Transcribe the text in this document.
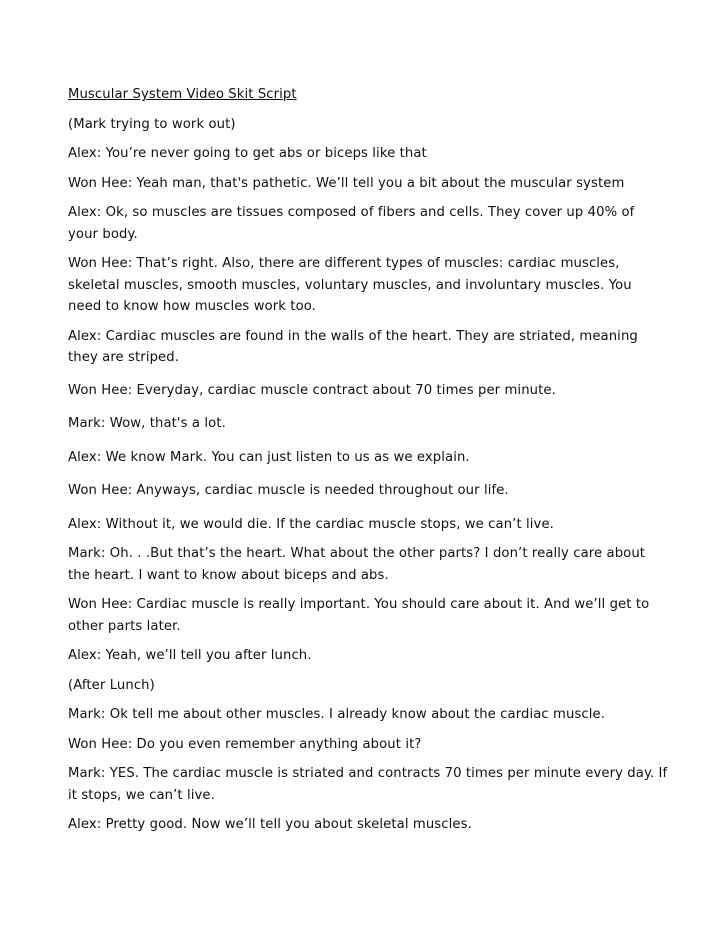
Muscular System Video Skit Script

(Mark trying to work out)

Alex: You’re never going to get abs or biceps like that

Won Hee: Yeah man, that's pathetic. We’ll tell you a bit about the muscular system

Alex: Ok, so muscles are tissues composed of fibers and cells. They cover up 40% of your body.

Won Hee: That’s right. Also, there are different types of muscles: cardiac muscles, skeletal muscles, smooth muscles, voluntary muscles, and involuntary muscles. You need to know how muscles work too.

Alex: Cardiac muscles are found in the walls of the heart. They are striated, meaning they are striped.

Won Hee: Everyday, cardiac muscle contract about 70 times per minute.

Mark: Wow, that's a lot.

Alex: We know Mark. You can just listen to us as we explain.

Won Hee: Anyways, cardiac muscle is needed throughout our life.

Alex: Without it, we would die. If the cardiac muscle stops, we can’t live.

Mark: Oh. . .But that’s the heart. What about the other parts? I don’t really care about the heart. I want to know about biceps and abs.

Won Hee: Cardiac muscle is really important. You should care about it. And we’ll get to other parts later.

Alex: Yeah, we’ll tell you after lunch.

(After Lunch)

Mark: Ok tell me about other muscles. I already know about the cardiac muscle.

Won Hee: Do you even remember anything about it?

Mark: YES. The cardiac muscle is striated and contracts 70 times per minute every day. If it stops, we can’t live.

Alex: Pretty good. Now we’ll tell you about skeletal muscles.
